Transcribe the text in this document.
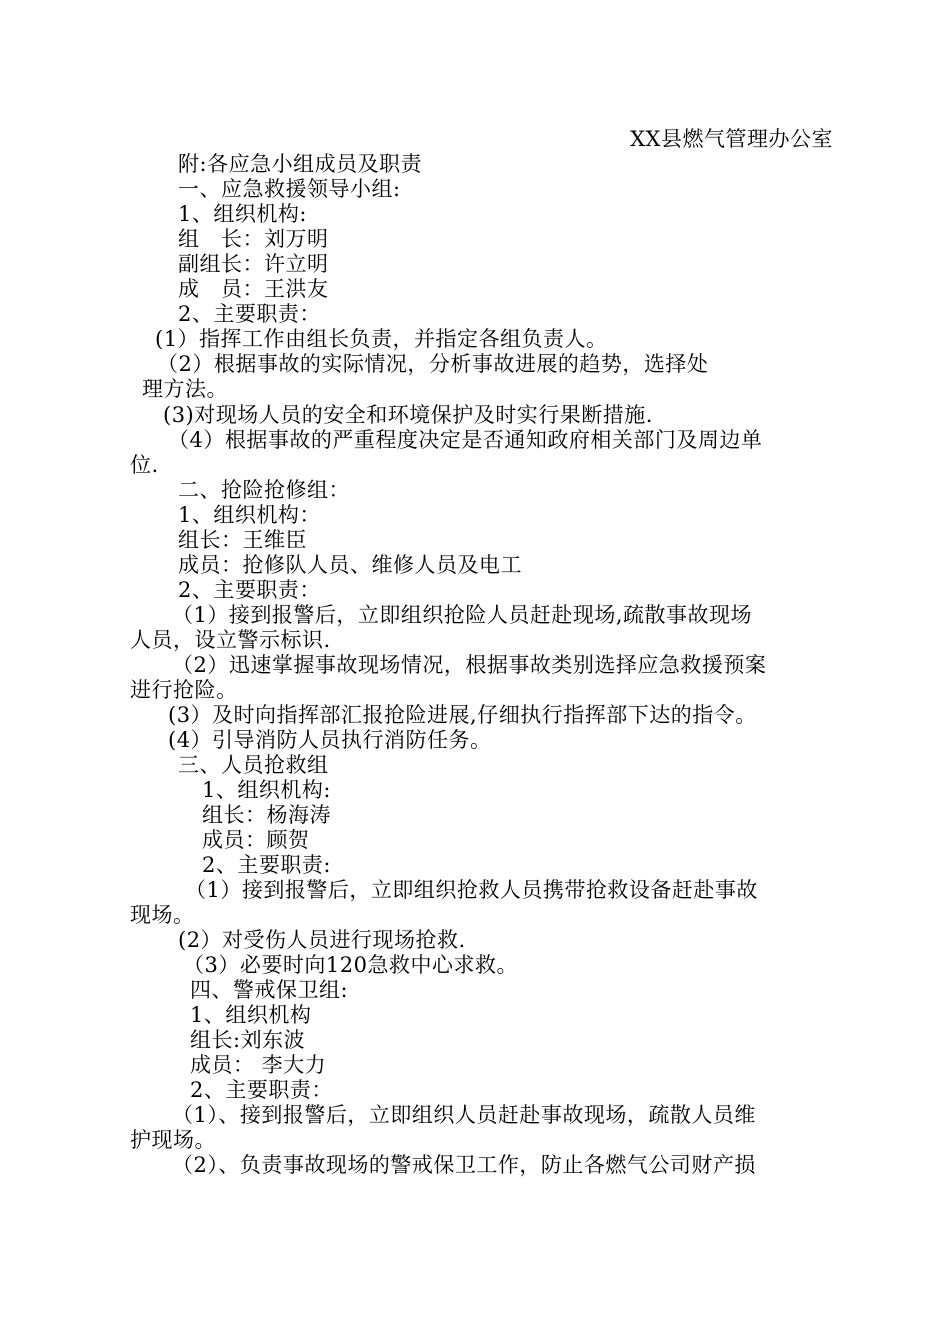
XX县燃气管理办公室
附:各应急小组成员及职责
一、应急救援领导小组:
1、组织机构:
组　长：刘万明
副组长：许立明
成　员：王洪友
2、主要职责：
(1）指挥工作由组长负责，并指定各组负责人。
（2）根据事故的实际情况，分析事故进展的趋势，选择处
理方法。
(3)对现场人员的安全和环境保护及时实行果断措施.
（4）根据事故的严重程度决定是否通知政府相关部门及周边单
位.
二、抢险抢修组：
1、组织机构：
组长：王维臣
成员：抢修队人员、维修人员及电工
2、主要职责：
（1）接到报警后，立即组织抢险人员赶赴现场,疏散事故现场
人员，设立警示标识.
（2）迅速掌握事故现场情况，根据事故类别选择应急救援预案
进行抢险。
(3）及时向指挥部汇报抢险进展,仔细执行指挥部下达的指令。
(4）引导消防人员执行消防任务。
三、人员抢救组
1、组织机构:
组长：杨海涛
成员：顾贺
2、主要职责:
（1）接到报警后，立即组织抢救人员携带抢救设备赶赴事故
现场。
(2）对受伤人员进行现场抢救.
（3）必要时向120急救中心求救。
四、警戒保卫组:
1、组织机构
组长:刘东波
成员： 李大力
2、主要职责：
（1）、接到报警后，立即组织人员赶赴事故现场，疏散人员维
护现场。
（2）、负责事故现场的警戒保卫工作，防止各燃气公司财产损
